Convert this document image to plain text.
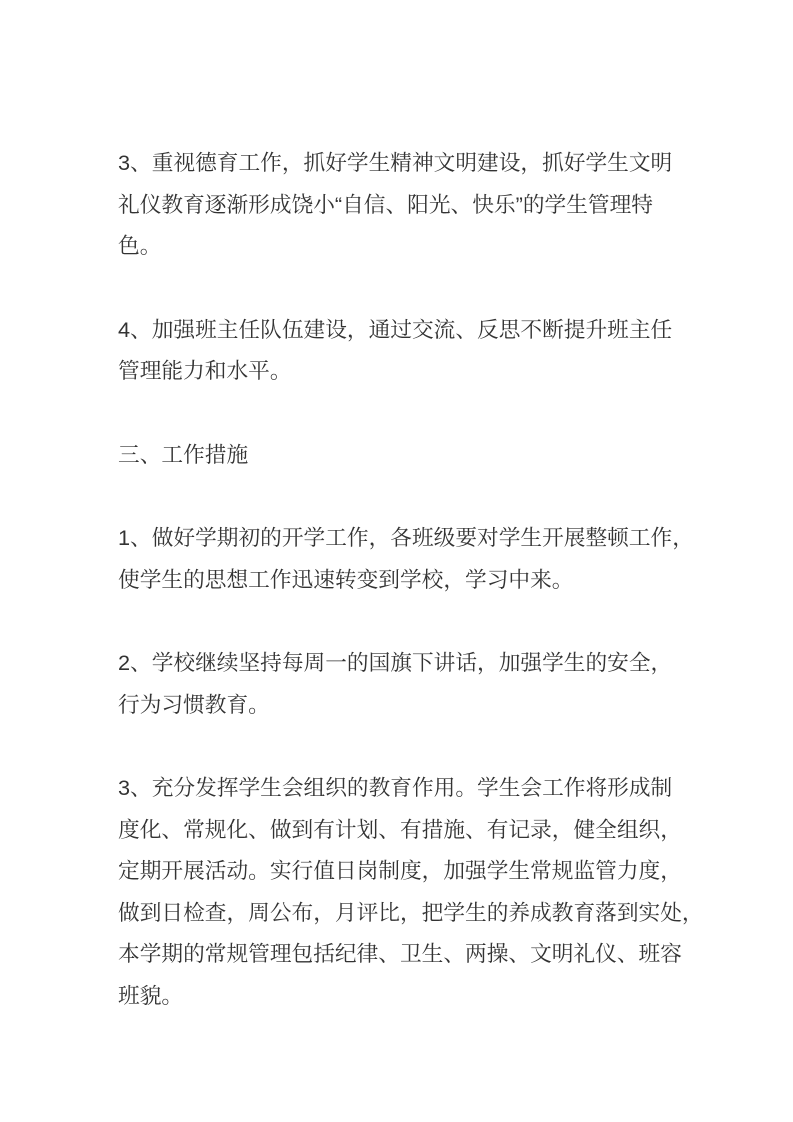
3、重视德育工作，抓好学生精神文明建设，抓好学生文明
礼仪教育逐渐形成饶小“自信、阳光、快乐”的学生管理特
色。
4、加强班主任队伍建设，通过交流、反思不断提升班主任
管理能力和水平。
三、工作措施
1、做好学期初的开学工作，各班级要对学生开展整顿工作，
使学生的思想工作迅速转变到学校，学习中来。
2、学校继续坚持每周一的国旗下讲话，加强学生的安全，
行为习惯教育。
3、充分发挥学生会组织的教育作用。学生会工作将形成制
度化、常规化、做到有计划、有措施、有记录，健全组织，
定期开展活动。实行值日岗制度，加强学生常规监管力度，
做到日检查，周公布，月评比，把学生的养成教育落到实处，
本学期的常规管理包括纪律、卫生、两操、文明礼仪、班容
班貌。
